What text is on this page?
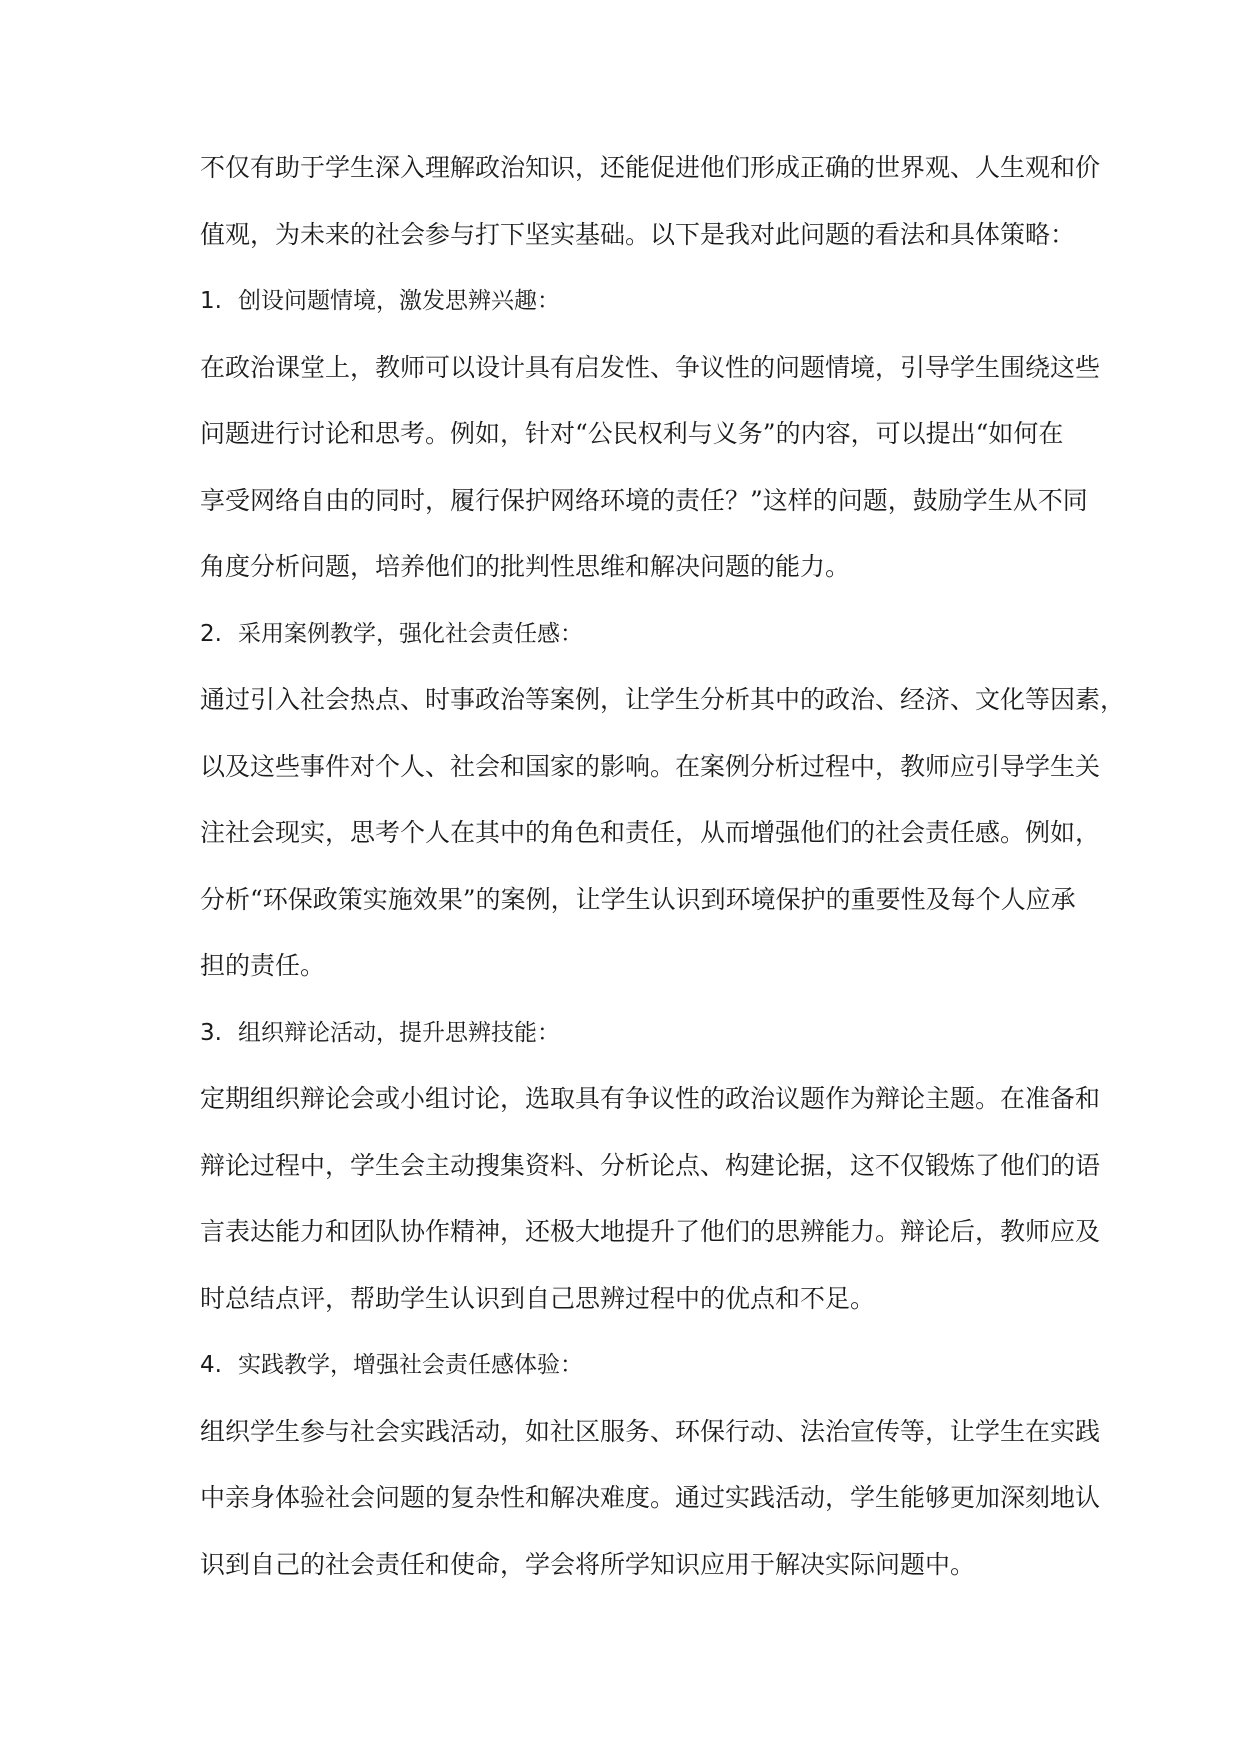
不仅有助于学生深入理解政治知识，还能促进他们形成正确的世界观、人生观和价
值观，为未来的社会参与打下坚实基础。以下是我对此问题的看法和具体策略：
1. 创设问题情境，激发思辨兴趣：
在政治课堂上，教师可以设计具有启发性、争议性的问题情境，引导学生围绕这些
问题进行讨论和思考。例如，针对“公民权利与义务”的内容，可以提出“如何在
享受网络自由的同时，履行保护网络环境的责任？”这样的问题，鼓励学生从不同
角度分析问题，培养他们的批判性思维和解决问题的能力。
2. 采用案例教学，强化社会责任感：
通过引入社会热点、时事政治等案例，让学生分析其中的政治、经济、文化等因素，
以及这些事件对个人、社会和国家的影响。在案例分析过程中，教师应引导学生关
注社会现实，思考个人在其中的角色和责任，从而增强他们的社会责任感。例如，
分析“环保政策实施效果”的案例，让学生认识到环境保护的重要性及每个人应承
担的责任。
3. 组织辩论活动，提升思辨技能：
定期组织辩论会或小组讨论，选取具有争议性的政治议题作为辩论主题。在准备和
辩论过程中，学生会主动搜集资料、分析论点、构建论据，这不仅锻炼了他们的语
言表达能力和团队协作精神，还极大地提升了他们的思辨能力。辩论后，教师应及
时总结点评，帮助学生认识到自己思辨过程中的优点和不足。
4. 实践教学，增强社会责任感体验：
组织学生参与社会实践活动，如社区服务、环保行动、法治宣传等，让学生在实践
中亲身体验社会问题的复杂性和解决难度。通过实践活动，学生能够更加深刻地认
识到自己的社会责任和使命，学会将所学知识应用于解决实际问题中。
